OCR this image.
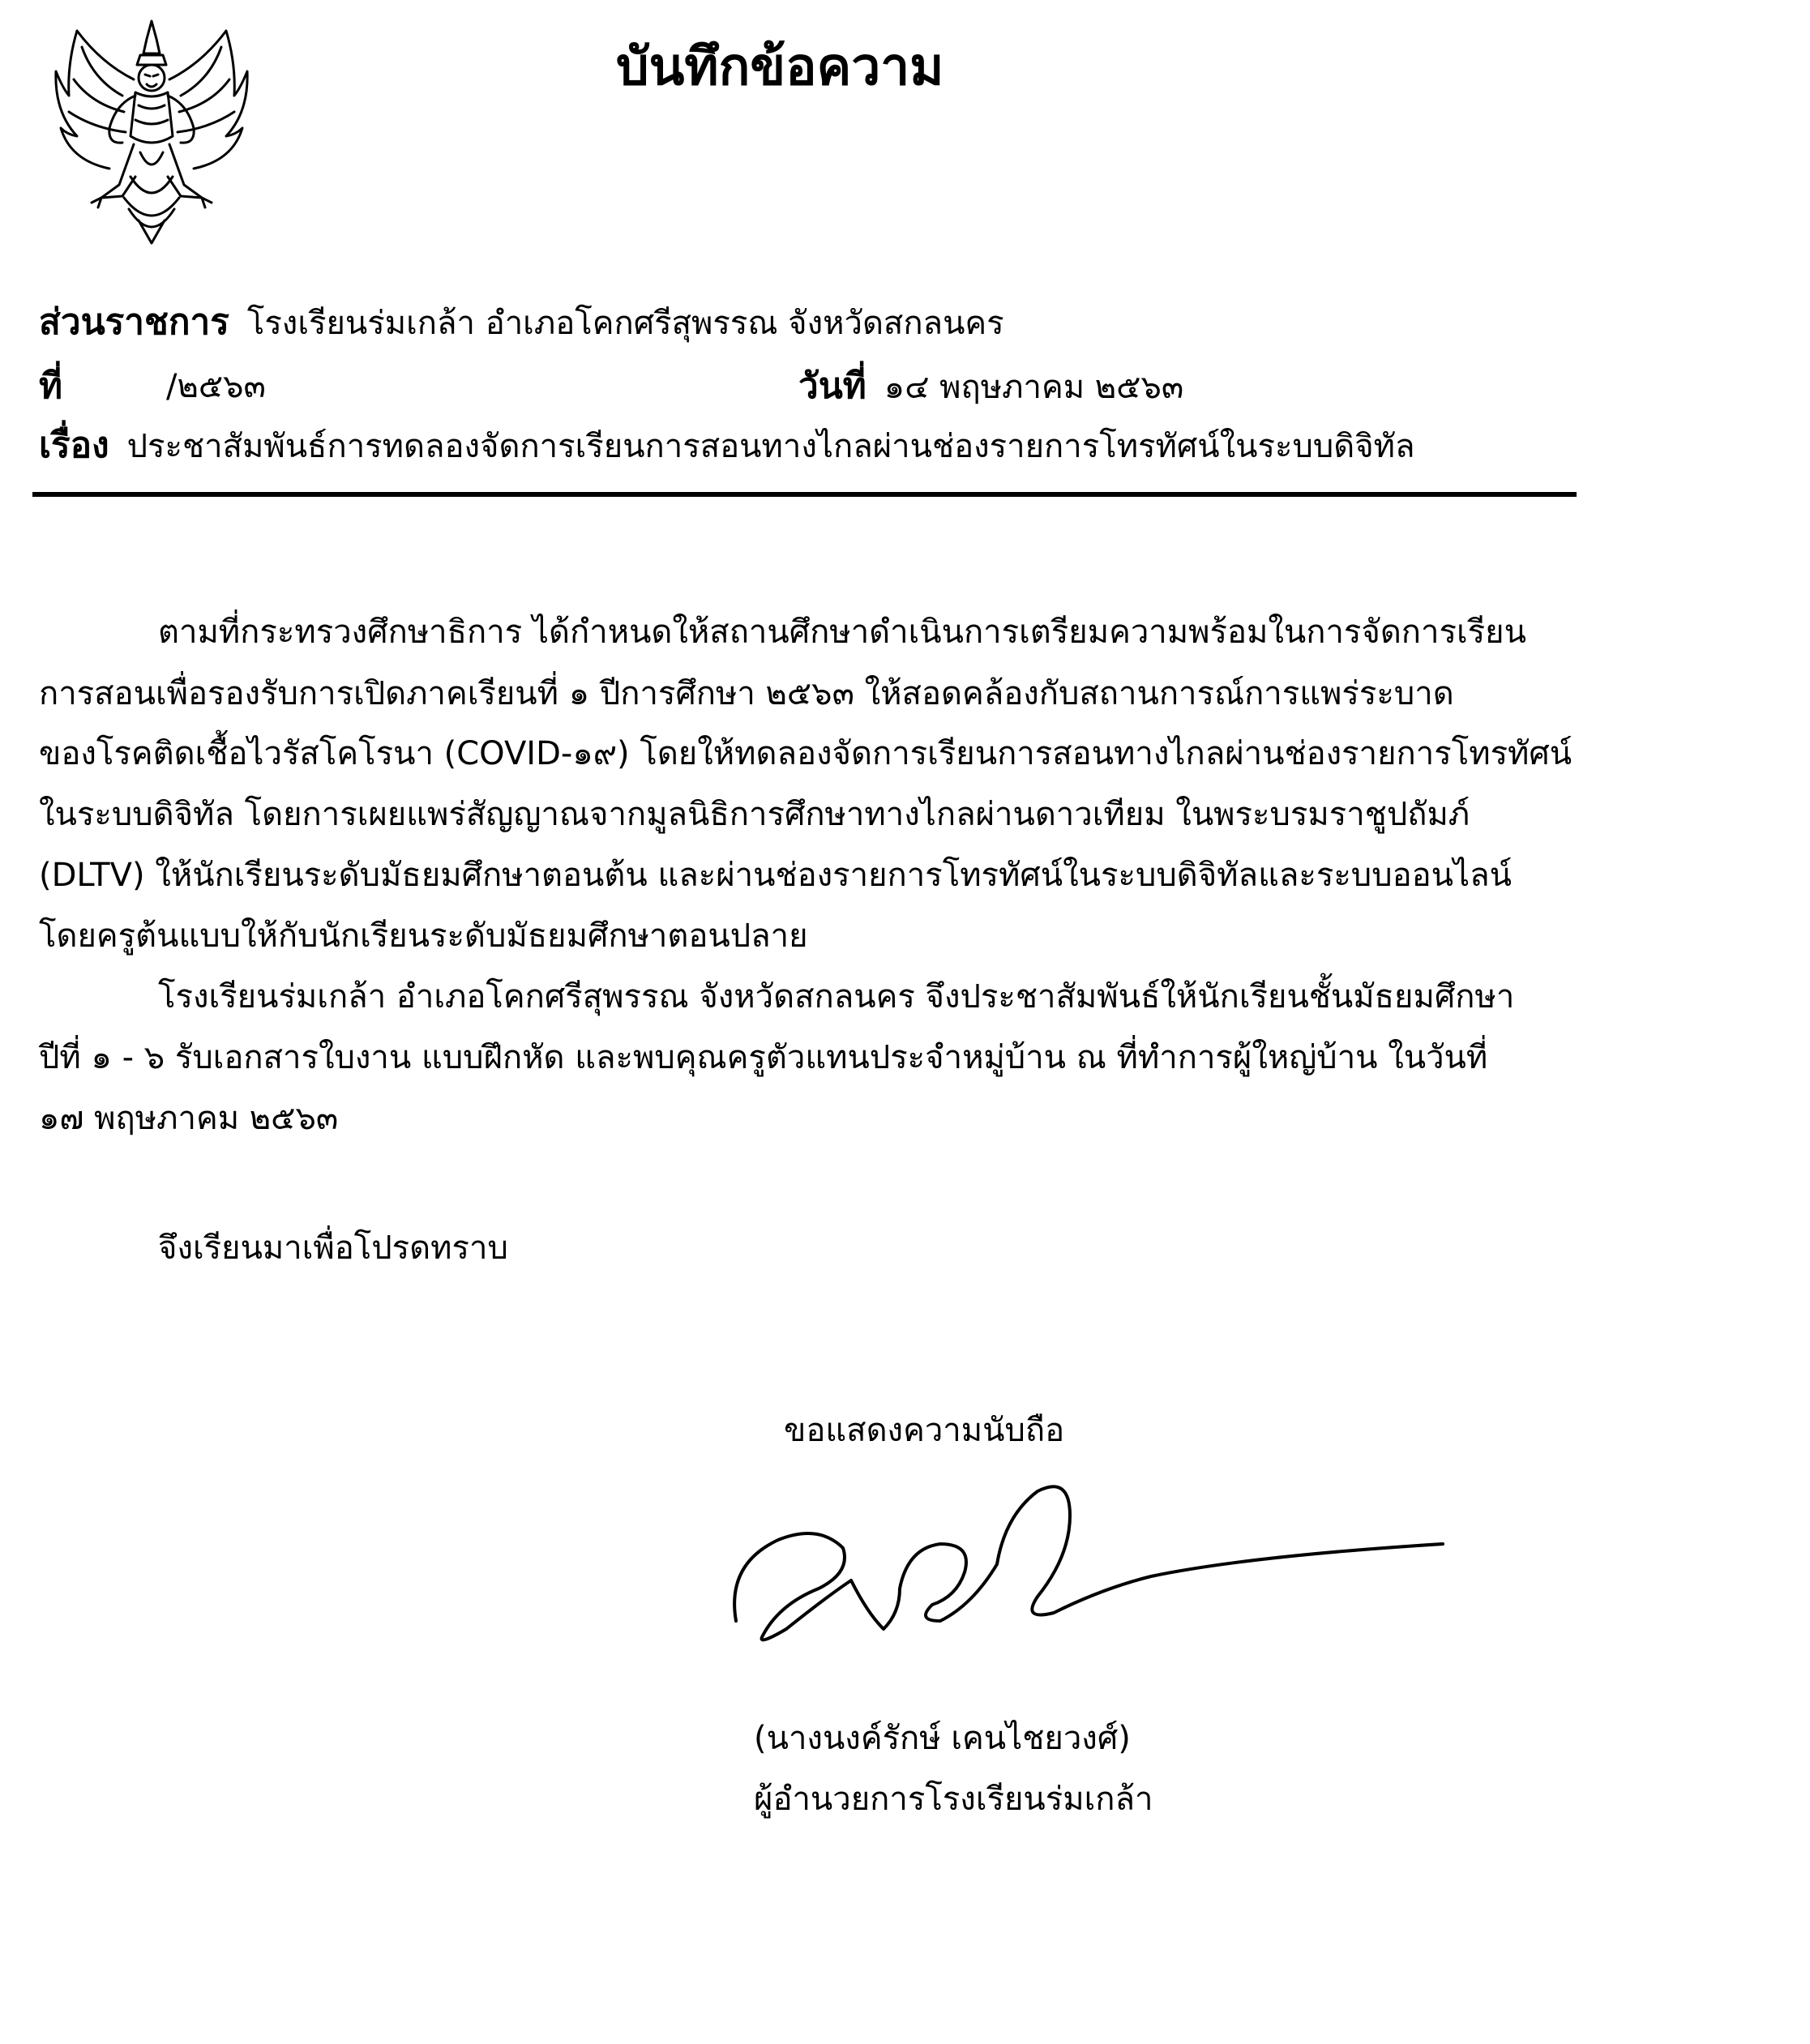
บันทึกข้อความ
ส่วนราชการ โรงเรียนร่มเกล้า อำเภอโคกศรีสุพรรณ จังหวัดสกลนคร
ที่	/๒๕๖๓	วันที่ ๑๔ พฤษภาคม ๒๕๖๓
เรื่อง ประชาสัมพันธ์การทดลองจัดการเรียนการสอนทางไกลผ่านช่องรายการโทรทัศน์ในระบบดิจิทัล
ตามที่กระทรวงศึกษาธิการ ได้กำหนดให้สถานศึกษาดำเนินการเตรียมความพร้อมในการจัดการเรียน
การสอนเพื่อรองรับการเปิดภาคเรียนที่ ๑ ปีการศึกษา ๒๕๖๓ ให้สอดคล้องกับสถานการณ์การแพร่ระบาด
ของโรคติดเชื้อไวรัสโคโรนา (COVID-๑๙) โดยให้ทดลองจัดการเรียนการสอนทางไกลผ่านช่องรายการโทรทัศน์
ในระบบดิจิทัล โดยการเผยแพร่สัญญาณจากมูลนิธิการศึกษาทางไกลผ่านดาวเทียม ในพระบรมราชูปถัมภ์
(DLTV) ให้นักเรียนระดับมัธยมศึกษาตอนต้น และผ่านช่องรายการโทรทัศน์ในระบบดิจิทัลและระบบออนไลน์
โดยครูต้นแบบให้กับนักเรียนระดับมัธยมศึกษาตอนปลาย
โรงเรียนร่มเกล้า อำเภอโคกศรีสุพรรณ จังหวัดสกลนคร จึงประชาสัมพันธ์ให้นักเรียนชั้นมัธยมศึกษา
ปีที่ ๑ - ๖ รับเอกสารใบงาน แบบฝึกหัด และพบคุณครูตัวแทนประจำหมู่บ้าน ณ ที่ทำการผู้ใหญ่บ้าน ในวันที่
๑๗ พฤษภาคม ๒๕๖๓
จึงเรียนมาเพื่อโปรดทราบ
ขอแสดงความนับถือ
(นางนงค์รักษ์ เคนไชยวงศ์)
ผู้อำนวยการโรงเรียนร่มเกล้า
